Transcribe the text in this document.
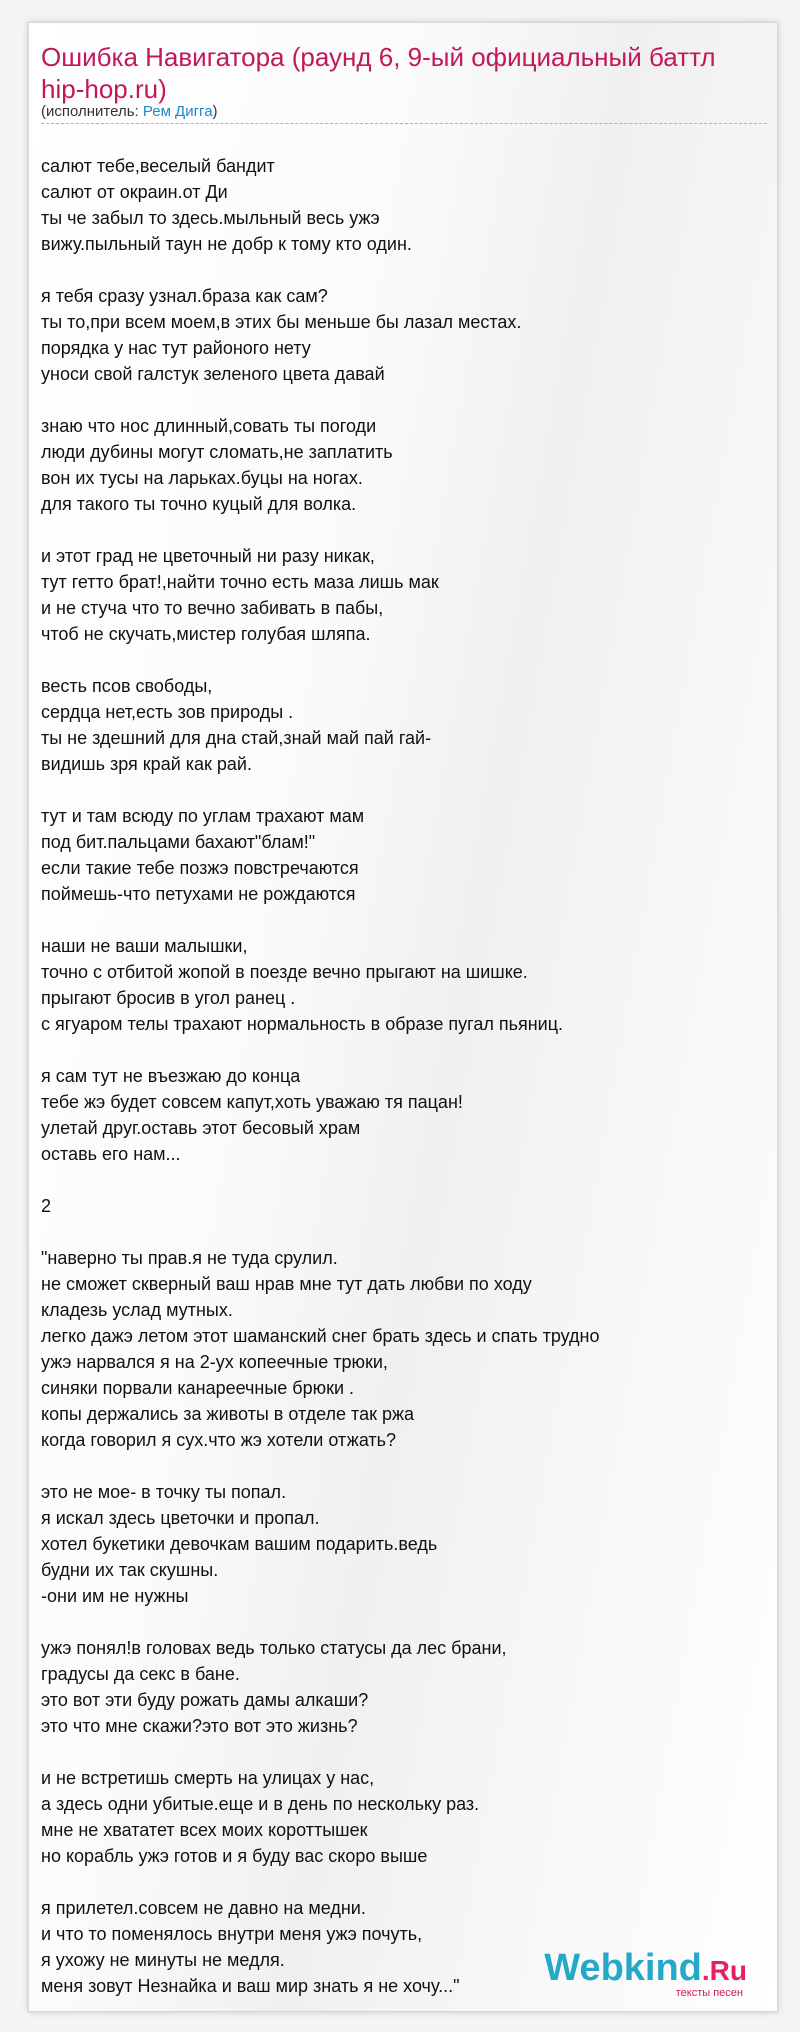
Ошибка Навигатора (раунд 6, 9-ый официальный баттл hip-hop.ru)
(исполнитель: Рем Дигга)
салют тебе,веселый бандит
салют от окраин.от Ди
ты че забыл то здесь.мыльный весь ужэ
вижу.пыльный таун не добр к тому кто один.
я тебя сразу узнал.браза как сам?
ты то,при всем моем,в этих бы меньше бы лазал местах.
порядка у нас тут районого нету
уноси свой галстук зеленого цвета давай
знаю что нос длинный,совать ты погоди
люди дубины могут сломать,не заплатить
вон их тусы на ларьках.буцы на ногах.
для такого ты точно куцый для волка.
и этот град не цветочный ни разу никак,
тут гетто брат!,найти точно есть маза лишь мак
и не стуча что то вечно забивать в пабы,
чтоб не скучать,мистер голубая шляпа.
весть псов свободы,
сердца нет,есть зов природы .
ты не здешний для дна стай,знай май пай гай-
видишь зря край как рай.
тут и там всюду по углам трахают мам
под бит.пальцами бахают"блам!"
если такие тебе позжэ повстречаются
поймешь-что петухами не рождаются
наши не ваши малышки,
точно с отбитой жопой в поезде вечно прыгают на шишке.
прыгают бросив в угол ранец .
с ягуаром телы трахают нормальность в образе пугал пьяниц.
я сам тут не въезжаю до конца
тебе жэ будет совсем капут,хоть уважаю тя пацан!
улетай друг.оставь этот бесовый храм
оставь его нам...
2
"наверно ты прав.я не туда срулил.
не сможет скверный ваш нрав мне тут дать любви по ходу
кладезь услад мутных.
легко дажэ летом этот шаманский снег брать здесь и спать трудно
ужэ нарвался я на 2-ух копеечные трюки,
синяки порвали канареечные брюки .
копы держались за животы в отделе так ржа
когда говорил я сух.что жэ хотели отжать?
это не мое- в точку ты попал.
я искал здесь цветочки и пропал.
хотел букетики девочкам вашим подарить.ведь
будни их так скушны.
-они им не нужны
ужэ понял!в головах ведь только статусы да лес брани,
градусы да секс в бане.
это вот эти буду рожать дамы алкаши?
это что мне скажи?это вот это жизнь?
и не встретишь смерть на улицах у нас,
а здесь одни убитые.еще и в день по нескольку раз.
мне не хвататет всех моих короттышек
но корабль ужэ готов и я буду вас скоро выше
я прилетел.совсем не давно на медни.
и что то поменялось внутри меня ужэ почуть,
я ухожу не минуты не медля.
меня зовут Незнайка и ваш мир знать я не хочу..."	Webkind.Ru
тексты песен
